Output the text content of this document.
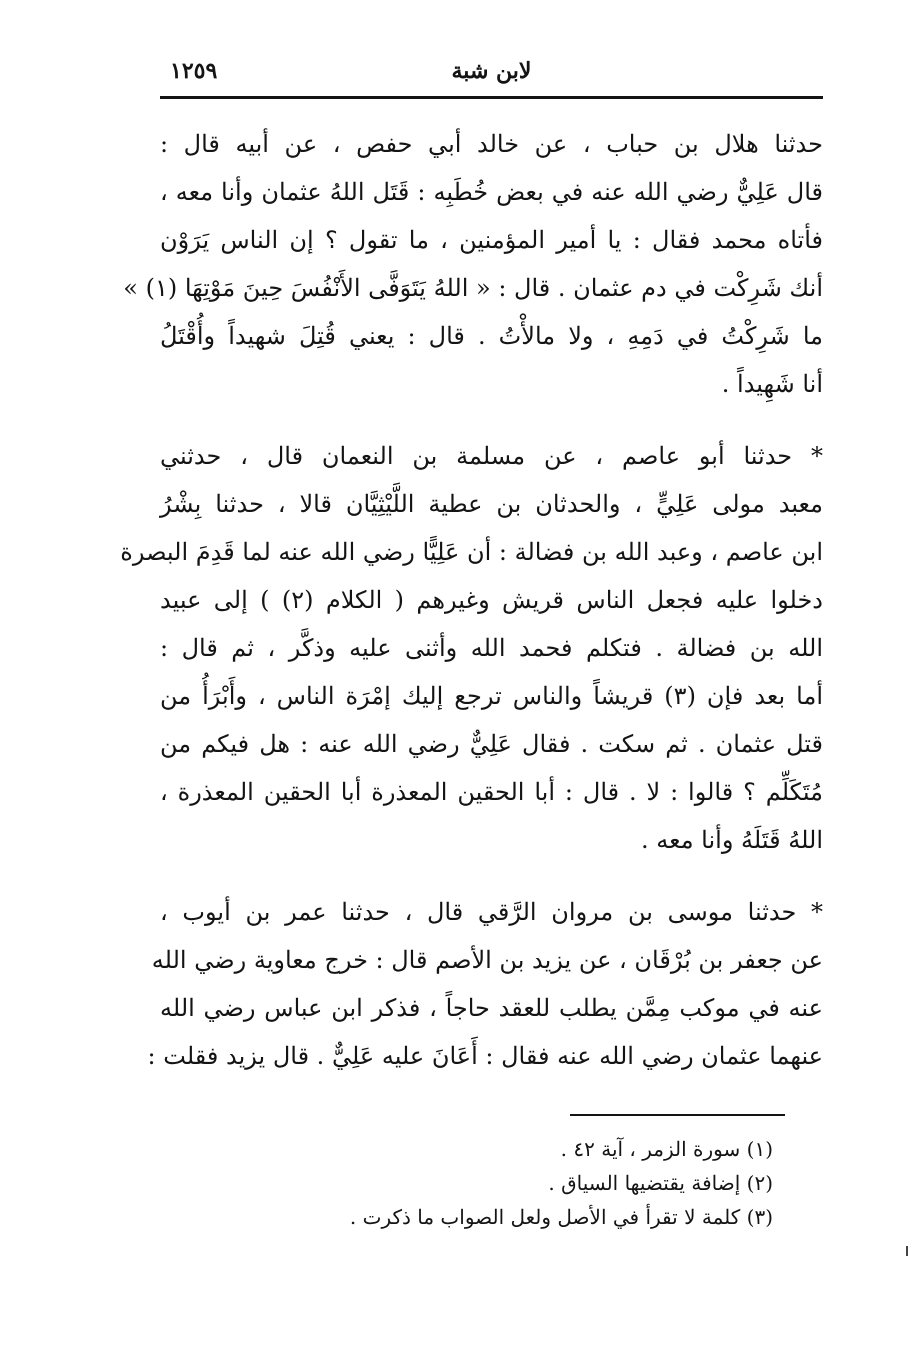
لابن شبة
١٢٥٩
حدثنا هلال بن حباب ، عن خالد أبي حفص ، عن أبيه قال :
قال عَلِيٌّ رضي الله عنه في بعض خُطَبِه : قَتَل اللهُ عثمان وأنا معه ،
فأتاه محمد فقال : يا أمير المؤمنين ، ما تقول ؟ إن الناس يَرَوْن
أنك شَرِكْت في دم عثمان . قال : « اللهُ يَتَوَفَّى الأَنْفُسَ حِينَ مَوْتِهَا (١) »
ما شَرِكْتُ في دَمِهِ ، ولا مالأْتُ . قال : يعني قُتِلَ شهيداً وأُقْتَلُ
أنا شَهِيداً .
* حدثنا أبو عاصم ، عن مسلمة بن النعمان قال ، حدثني
معبد مولى عَلِيٍّ ، والحدثان بن عطية اللَّيْثِيَّان قالا ، حدثنا بِشْرُ
ابن عاصم ، وعبد الله بن فضالة : أن عَلِيًّا رضي الله عنه لما قَدِمَ البصرة
دخلوا عليه فجعل الناس قريش وغيرهم ( الكلام (٢) ) إلى عبيد
الله بن فضالة . فتكلم فحمد الله وأثنى عليه وذكَّر ، ثم قال :
أما بعد فإن (٣) قريشاً والناس ترجع إليك إمْرَة الناس ، وأَبْرَأُ من
قتل عثمان . ثم سكت . فقال عَلِيٌّ رضي الله عنه : هل فيكم من
مُتَكَلِّم ؟ قالوا : لا . قال : أبا الحقين المعذرة أبا الحقين المعذرة ،
اللهُ قَتَلَهُ وأنا معه .
* حدثنا موسى بن مروان الرَّقي قال ، حدثنا عمر بن أيوب ،
عن جعفر بن بُرْقَان ، عن يزيد بن الأصم قال : خرج معاوية رضي الله
عنه في موكب مِمَّن يطلب للعقد حاجاً ، فذكر ابن عباس رضي الله
عنهما عثمان رضي الله عنه فقال : أَعَانَ عليه عَلِيٌّ . قال يزيد فقلت :
(١) سورة الزمر ، آية ٤٢ .
(٢) إضافة يقتضيها السياق .
(٣) كلمة لا تقرأ في الأصل ولعل الصواب ما ذكرت .
